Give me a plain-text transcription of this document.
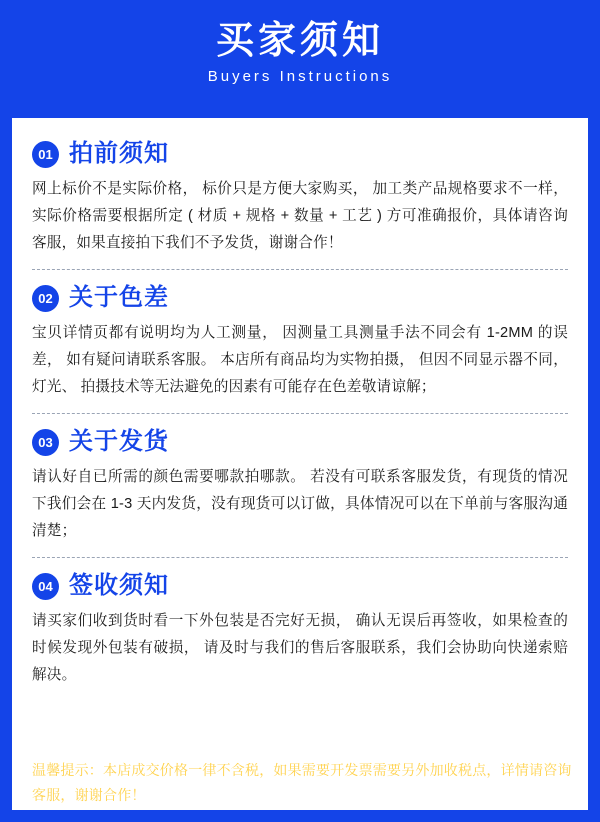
买家须知
Buyers Instructions
01 拍前须知
网上标价不是实际价格， 标价只是方便大家购买， 加工类产品规格要求不一样， 实际价格需要根据所定 ( 材质 + 规格 + 数量 + 工艺 ) 方可准确报价，具体请咨询客服，如果直接拍下我们不予发货，谢谢合作！
02 关于色差
宝贝详情页都有说明均为人工测量， 因测量工具测量手法不同会有 1-2MM 的误差， 如有疑问请联系客服。 本店所有商品均为实物拍摄， 但因不同显示器不同，灯光、 拍摄技术等无法避免的因素有可能存在色差敬请谅解；
03 关于发货
请认好自已所需的颜色需要哪款拍哪款。 若没有可联系客服发货，有现货的情况下我们会在 1-3 天内发货，没有现货可以订做，具体情况可以在下单前与客服沟通清楚；
04 签收须知
请买家们收到货时看一下外包装是否完好无损， 确认无误后再签收，如果检查的时候发现外包装有破损， 请及时与我们的售后客服联系，我们会协助向快递索赔解决。
温馨提示：本店成交价格一律不含税，如果需要开发票需要另外加收税点，详情请咨询客服，谢谢合作！
